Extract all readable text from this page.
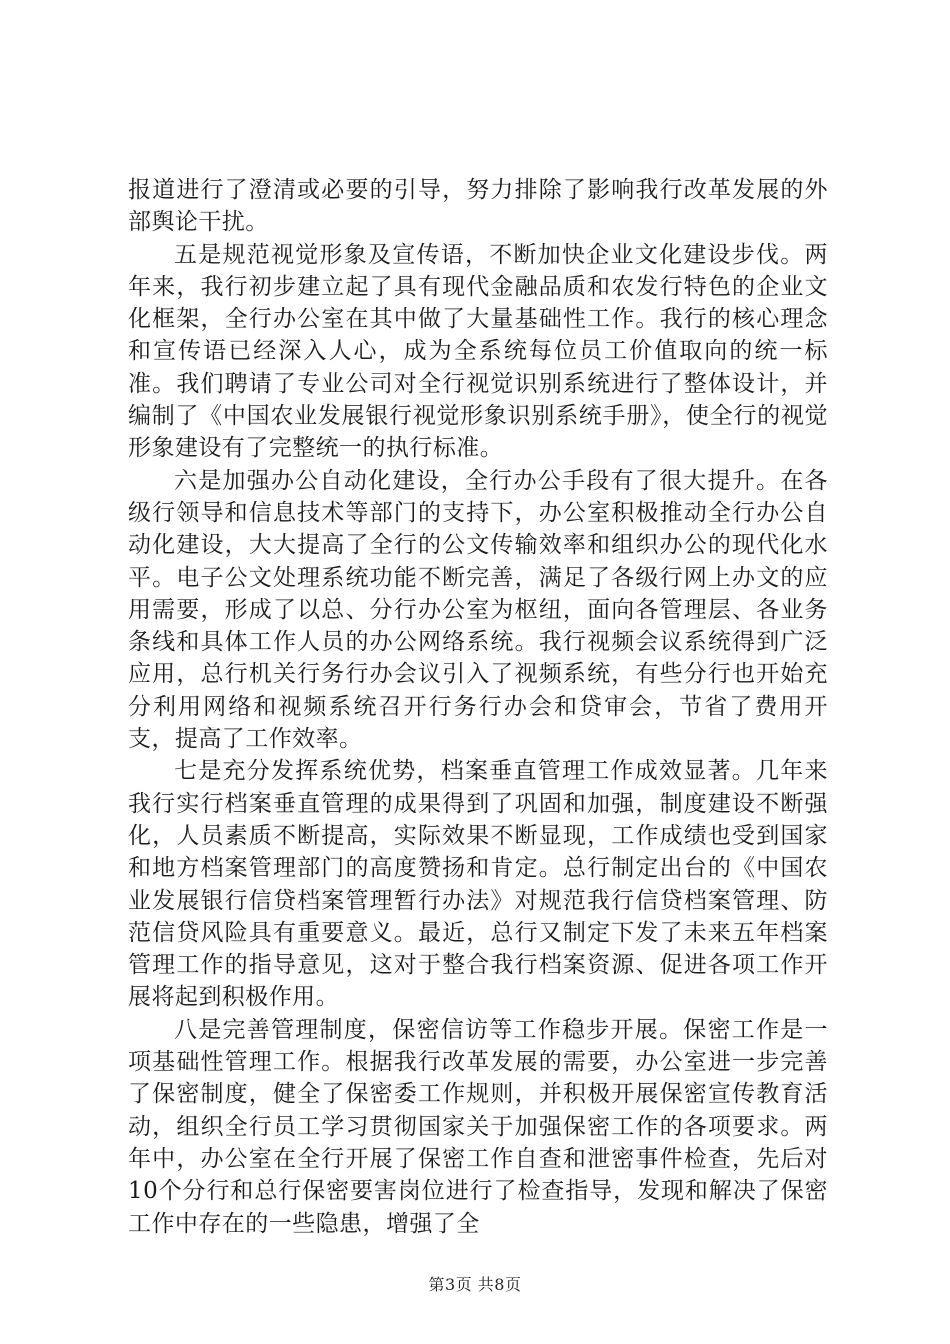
报道进行了澄清或必要的引导，努力排除了影响我行改革发展的外部舆论干扰。

五是规范视觉形象及宣传语，不断加快企业文化建设步伐。两年来，我行初步建立起了具有现代金融品质和农发行特色的企业文化框架，全行办公室在其中做了大量基础性工作。我行的核心理念和宣传语已经深入人心，成为全系统每位员工价值取向的统一标准。我们聘请了专业公司对全行视觉识别系统进行了整体设计，并编制了《中国农业发展银行视觉形象识别系统手册》，使全行的视觉形象建设有了完整统一的执行标准。

六是加强办公自动化建设，全行办公手段有了很大提升。在各级行领导和信息技术等部门的支持下，办公室积极推动全行办公自动化建设，大大提高了全行的公文传输效率和组织办公的现代化水平。电子公文处理系统功能不断完善，满足了各级行网上办文的应用需要，形成了以总、分行办公室为枢纽，面向各管理层、各业务条线和具体工作人员的办公网络系统。我行视频会议系统得到广泛应用，总行机关行务行办会议引入了视频系统，有些分行也开始充分利用网络和视频系统召开行务行办会和贷审会，节省了费用开支，提高了工作效率。

七是充分发挥系统优势，档案垂直管理工作成效显著。几年来我行实行档案垂直管理的成果得到了巩固和加强，制度建设不断强化，人员素质不断提高，实际效果不断显现，工作成绩也受到国家和地方档案管理部门的高度赞扬和肯定。总行制定出台的《中国农业发展银行信贷档案管理暂行办法》对规范我行信贷档案管理、防范信贷风险具有重要意义。最近，总行又制定下发了未来五年档案管理工作的指导意见，这对于整合我行档案资源、促进各项工作开展将起到积极作用。

八是完善管理制度，保密信访等工作稳步开展。保密工作是一项基础性管理工作。根据我行改革发展的需要，办公室进一步完善了保密制度，健全了保密委工作规则，并积极开展保密宣传教育活动，组织全行员工学习贯彻国家关于加强保密工作的各项要求。两年中，办公室在全行开展了保密工作自查和泄密事件检查，先后对10个分行和总行保密要害岗位进行了检查指导，发现和解决了保密工作中存在的一些隐患，增强了全

第3页 共8页
